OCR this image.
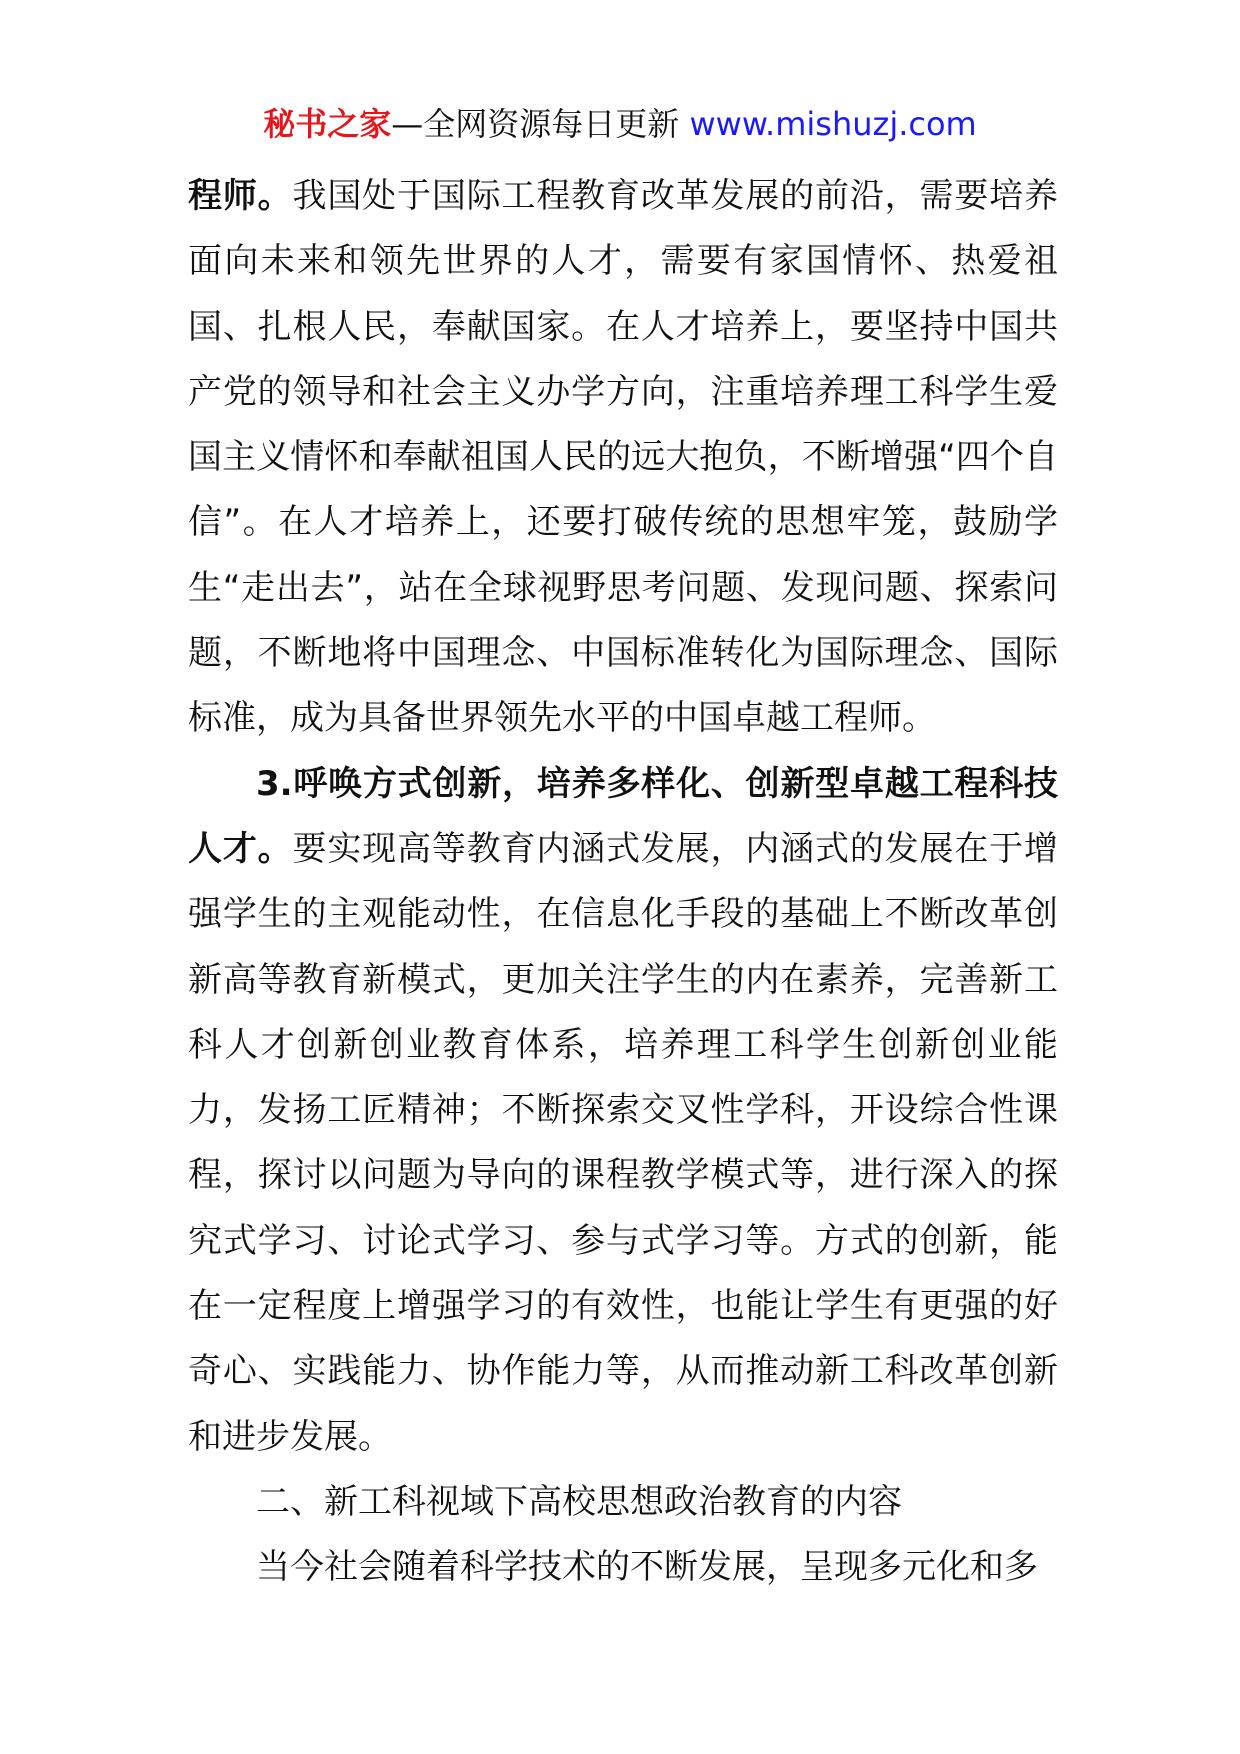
秘书之家—全网资源每日更新 www.mishuzj.com

程师。我国处于国际工程教育改革发展的前沿，需要培养面向未来和领先世界的人才，需要有家国情怀、热爱祖国、扎根人民，奉献国家。在人才培养上，要坚持中国共产党的领导和社会主义办学方向，注重培养理工科学生爱国主义情怀和奉献祖国人民的远大抱负，不断增强“四个自信”。在人才培养上，还要打破传统的思想牢笼，鼓励学生“走出去”，站在全球视野思考问题、发现问题、探索问题，不断地将中国理念、中国标准转化为国际理念、国际标准，成为具备世界领先水平的中国卓越工程师。

3.呼唤方式创新，培养多样化、创新型卓越工程科技人才。要实现高等教育内涵式发展，内涵式的发展在于增强学生的主观能动性，在信息化手段的基础上不断改革创新高等教育新模式，更加关注学生的内在素养，完善新工科人才创新创业教育体系，培养理工科学生创新创业能力，发扬工匠精神；不断探索交叉性学科，开设综合性课程，探讨以问题为导向的课程教学模式等，进行深入的探究式学习、讨论式学习、参与式学习等。方式的创新，能在一定程度上增强学习的有效性，也能让学生有更强的好奇心、实践能力、协作能力等，从而推动新工科改革创新和进步发展。

二、新工科视域下高校思想政治教育的内容

当今社会随着科学技术的不断发展，呈现多元化和多
